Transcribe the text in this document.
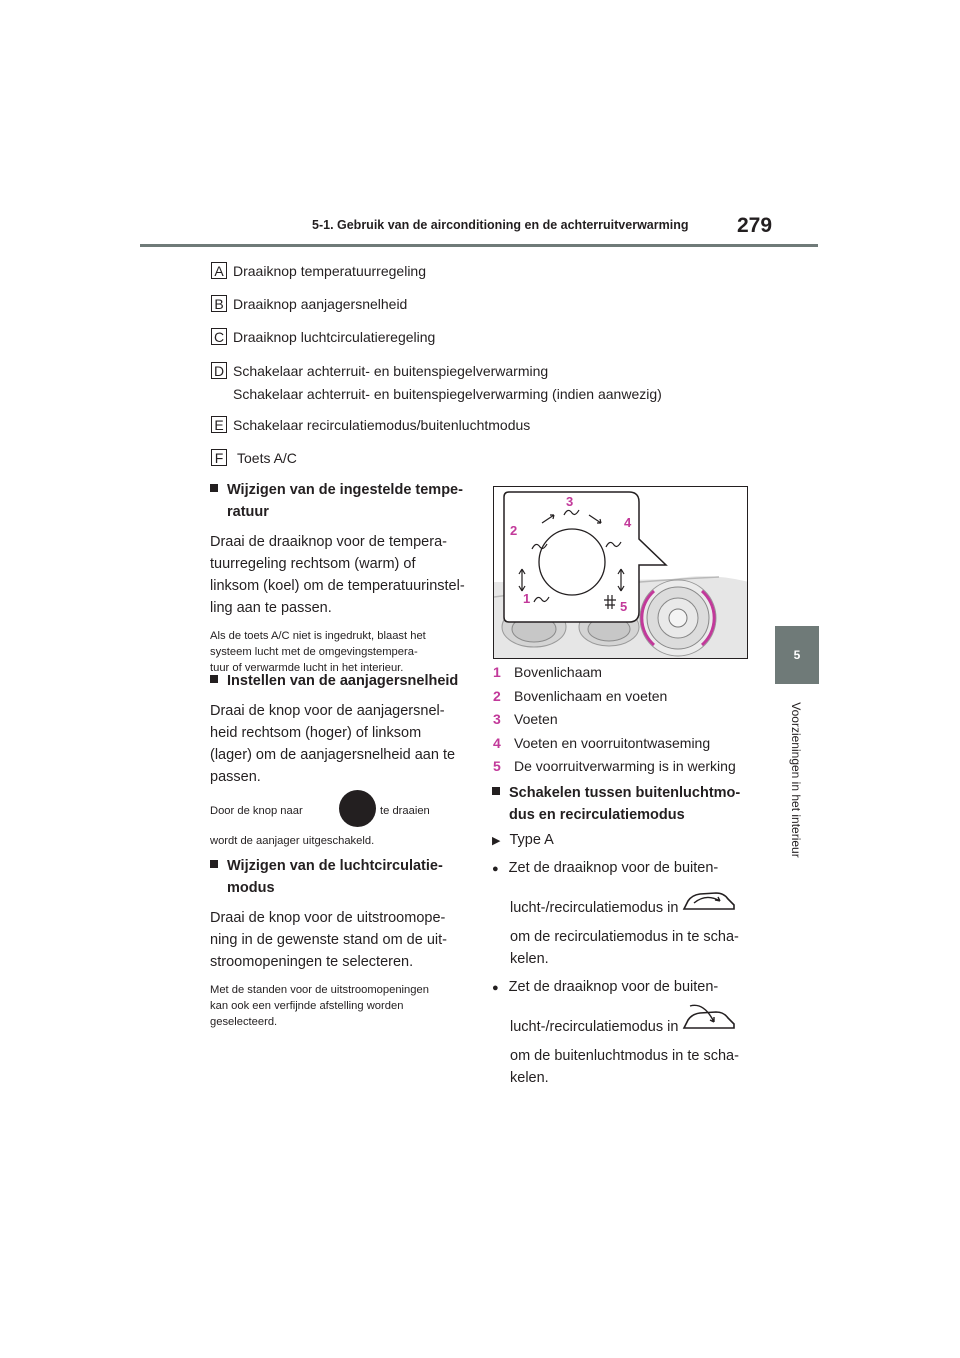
5-1. Gebruik van de airconditioning en de achterruitverwarming 279
5
Voorzieningen in het interieur
A Draaiknop temperatuurregeling
B Draaiknop aanjagersnelheid
C Draaiknop luchtcirculatieregeling
D Schakelaar achterruit- en buitenspiegelverwarming
Schakelaar achterruit- en buitenspiegelverwarming (indien aanwezig)
E Schakelaar recirculatiemodus/buitenluchtmodus
F Toets A/C
Wijzigen van de ingestelde tempe-
ratuur
Draai de draaiknop voor de tempera-
tuurregeling rechtsom (warm) of
linksom (koel) om de temperatuurinstel-
ling aan te passen.
Als de toets A/C niet is ingedrukt, blaast het
systeem lucht met de omgevingstempera-
tuur of verwarmde lucht in het interieur.
Instellen van de aanjagersnelheid
Draai de knop voor de aanjagersnel-
heid rechtsom (hoger) of linksom
(lager) om de aanjagersnelheid aan te
passen.
Door de knop naar	te draaien
wordt de aanjager uitgeschakeld.
Wijzigen van de luchtcirculatie-
modus
Draai de knop voor de uitstroomope-
ning in de gewenste stand om de uit-
stroomopeningen te selecteren.
Met de standen voor de uitstroomopeningen
kan ook een verfijnde afstelling worden
geselecteerd.
1
2
3
4
5
1 Bovenlichaam
2 Bovenlichaam en voeten
3 Voeten
4 Voeten en voorruitontwaseming
5 De voorruitverwarming is in werking
Schakelen tussen buitenluchtmo-
dus en recirculatiemodus
▶ Type A
● Zet de draaiknop voor de buiten-
lucht-/recirculatiemodus in
om de recirculatiemodus in te scha-
kelen.
● Zet de draaiknop voor de buiten-
lucht-/recirculatiemodus in
om de buitenluchtmodus in te scha-
kelen.
